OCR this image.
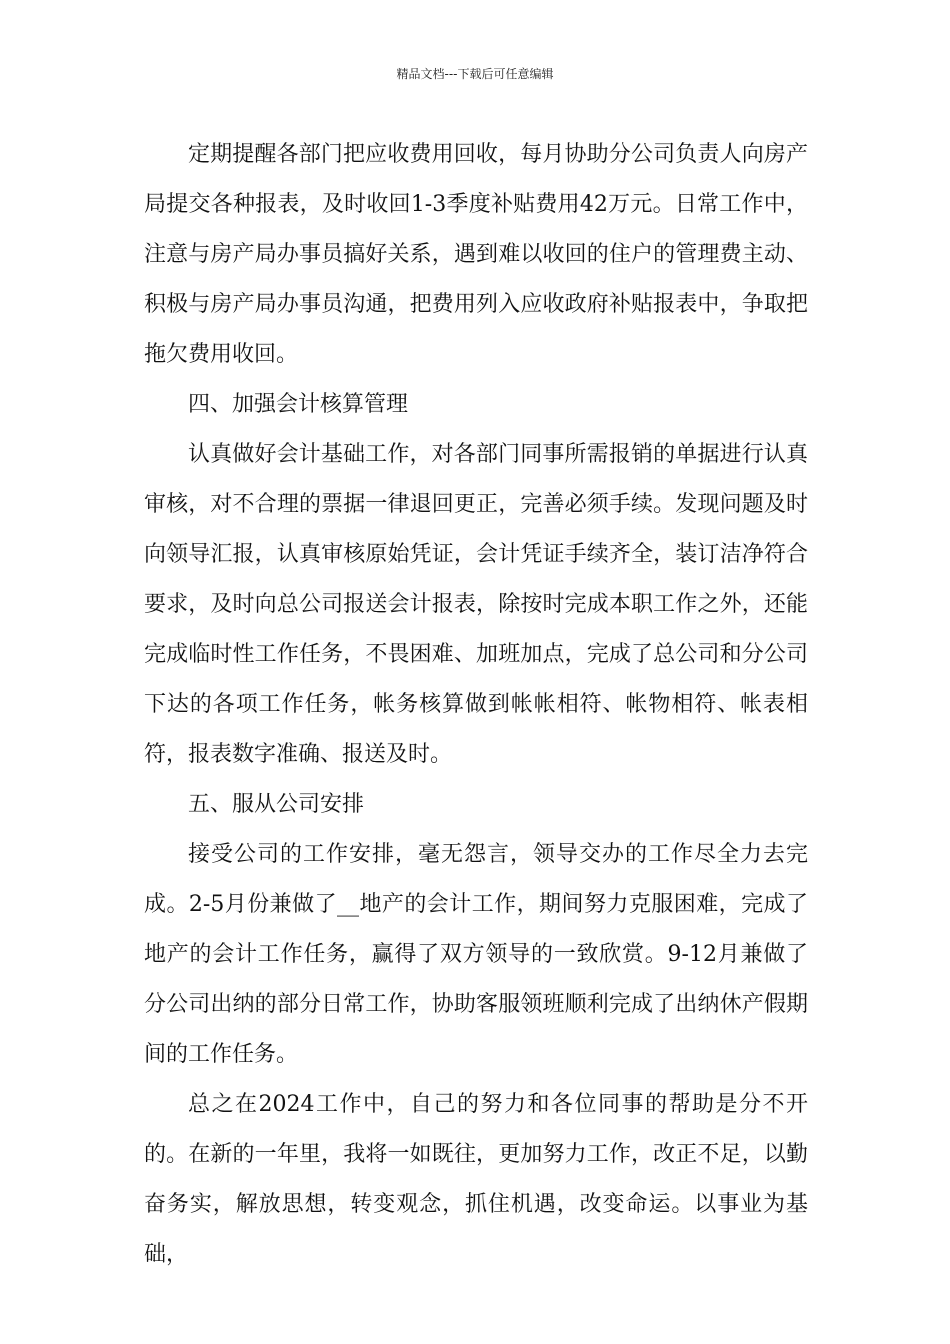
精品文档---下载后可任意编辑

定期提醒各部门把应收费用回收，每月协助分公司负责人向房产局提交各种报表，及时收回1-3季度补贴费用42万元。日常工作中，注意与房产局办事员搞好关系，遇到难以收回的住户的管理费主动、积极与房产局办事员沟通，把费用列入应收政府补贴报表中，争取把拖欠费用收回。

四、加强会计核算管理

认真做好会计基础工作，对各部门同事所需报销的单据进行认真审核，对不合理的票据一律退回更正，完善必须手续。发现问题及时向领导汇报，认真审核原始凭证，会计凭证手续齐全，装订洁净符合要求，及时向总公司报送会计报表，除按时完成本职工作之外，还能完成临时性工作任务，不畏困难、加班加点，完成了总公司和分公司下达的各项工作任务，帐务核算做到帐帐相符、帐物相符、帐表相符，报表数字准确、报送及时。

五、服从公司安排

接受公司的工作安排，毫无怨言，领导交办的工作尽全力去完成。2-5月份兼做了__地产的会计工作，期间努力克服困难，完成了地产的会计工作任务，赢得了双方领导的一致欣赏。9-12月兼做了分公司出纳的部分日常工作，协助客服领班顺利完成了出纳休产假期间的工作任务。

总之在2024工作中，自己的努力和各位同事的帮助是分不开的。在新的一年里，我将一如既往，更加努力工作，改正不足，以勤奋务实，解放思想，转变观念，抓住机遇，改变命运。以事业为基础，
